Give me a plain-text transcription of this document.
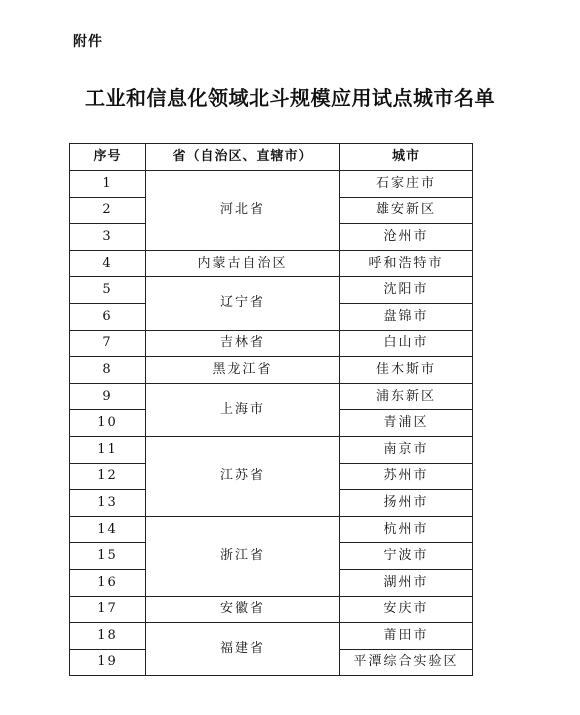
附件
工业和信息化领域北斗规模应用试点城市名单
序号	省（自治区、直辖市）	城市
1	河北省	石家庄市
2		雄安新区
3		沧州市
4	内蒙古自治区	呼和浩特市
5	辽宁省	沈阳市
6		盘锦市
7	吉林省	白山市
8	黑龙江省	佳木斯市
9	上海市	浦东新区
10		青浦区
11	江苏省	南京市
12		苏州市
13		扬州市
14	浙江省	杭州市
15		宁波市
16		湖州市
17	安徽省	安庆市
18	福建省	莆田市
19		平潭综合实验区
